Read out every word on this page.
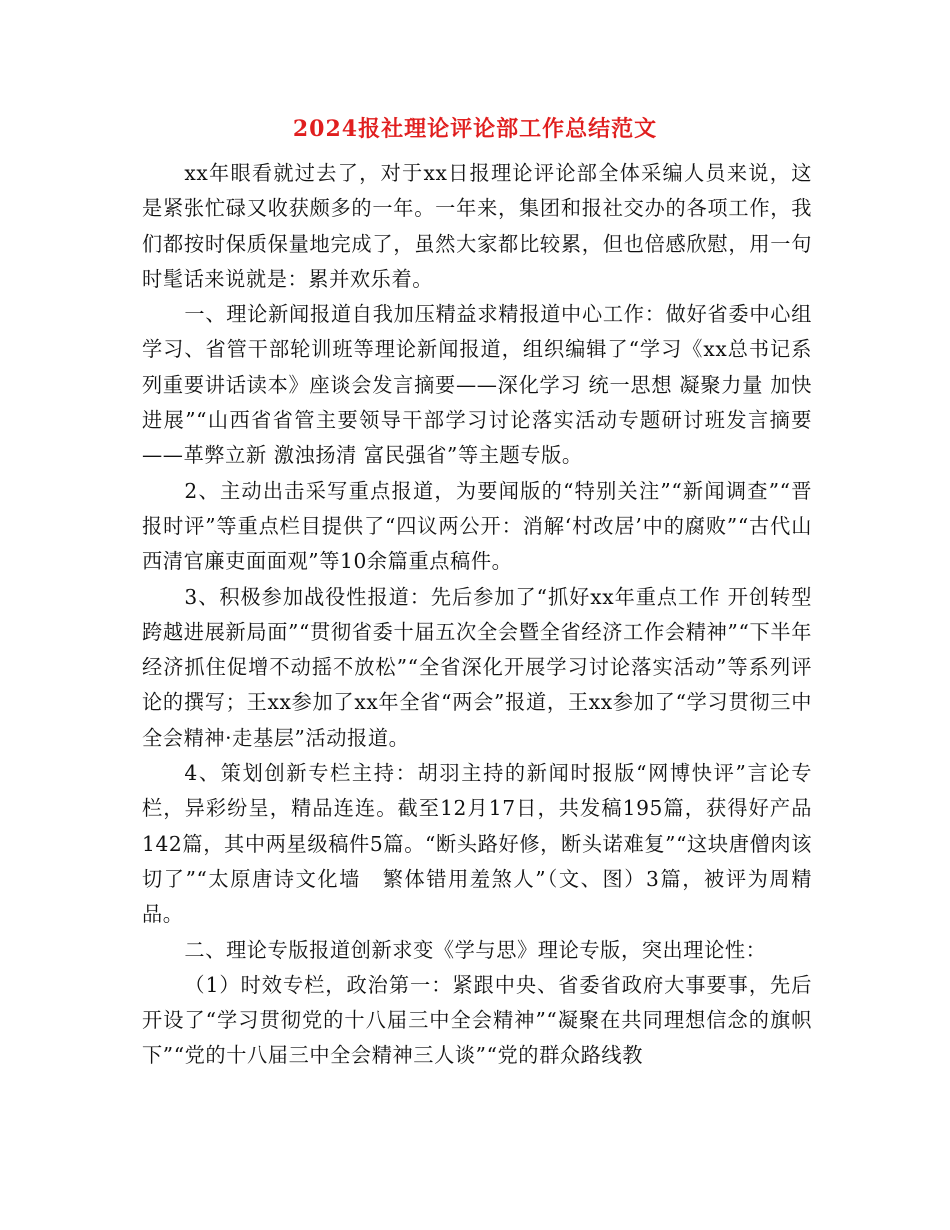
2024报社理论评论部工作总结范文

xx年眼看就过去了，对于xx日报理论评论部全体采编人员来说，这是紧张忙碌又收获颇多的一年。一年来，集团和报社交办的各项工作，我们都按时保质保量地完成了，虽然大家都比较累，但也倍感欣慰，用一句时髦话来说就是：累并欢乐着。

一、理论新闻报道自我加压精益求精报道中心工作：做好省委中心组学习、省管干部轮训班等理论新闻报道，组织编辑了“学习《xx总书记系列重要讲话读本》座谈会发言摘要——深化学习 统一思想 凝聚力量 加快进展”“山西省省管主要领导干部学习讨论落实活动专题研讨班发言摘要——革弊立新 激浊扬清 富民强省”等主题专版。

2、主动出击采写重点报道，为要闻版的“特别关注”“新闻调查”“晋报时评”等重点栏目提供了“四议两公开：消解‘村改居’中的腐败”“古代山西清官廉吏面面观”等10余篇重点稿件。

3、积极参加战役性报道：先后参加了“抓好xx年重点工作 开创转型跨越进展新局面”“贯彻省委十届五次全会暨全省经济工作会精神”“下半年经济抓住促增不动摇不放松”“全省深化开展学习讨论落实活动”等系列评论的撰写；王xx参加了xx年全省“两会”报道，王xx参加了“学习贯彻三中全会精神·走基层”活动报道。

4、策划创新专栏主持：胡羽主持的新闻时报版“网博快评”言论专栏，异彩纷呈，精品连连。截至12月17日，共发稿195篇，获得好产品142篇，其中两星级稿件5篇。“断头路好修，断头诺难复”“这块唐僧肉该切了”“太原唐诗文化墙　繁体错用羞煞人”（文、图）3篇，被评为周精品。

二、理论专版报道创新求变《学与思》理论专版，突出理论性：

（1）时效专栏，政治第一：紧跟中央、省委省政府大事要事，先后开设了“学习贯彻党的十八届三中全会精神”“凝聚在共同理想信念的旗帜下”“党的十八届三中全会精神三人谈”“党的群众路线教
